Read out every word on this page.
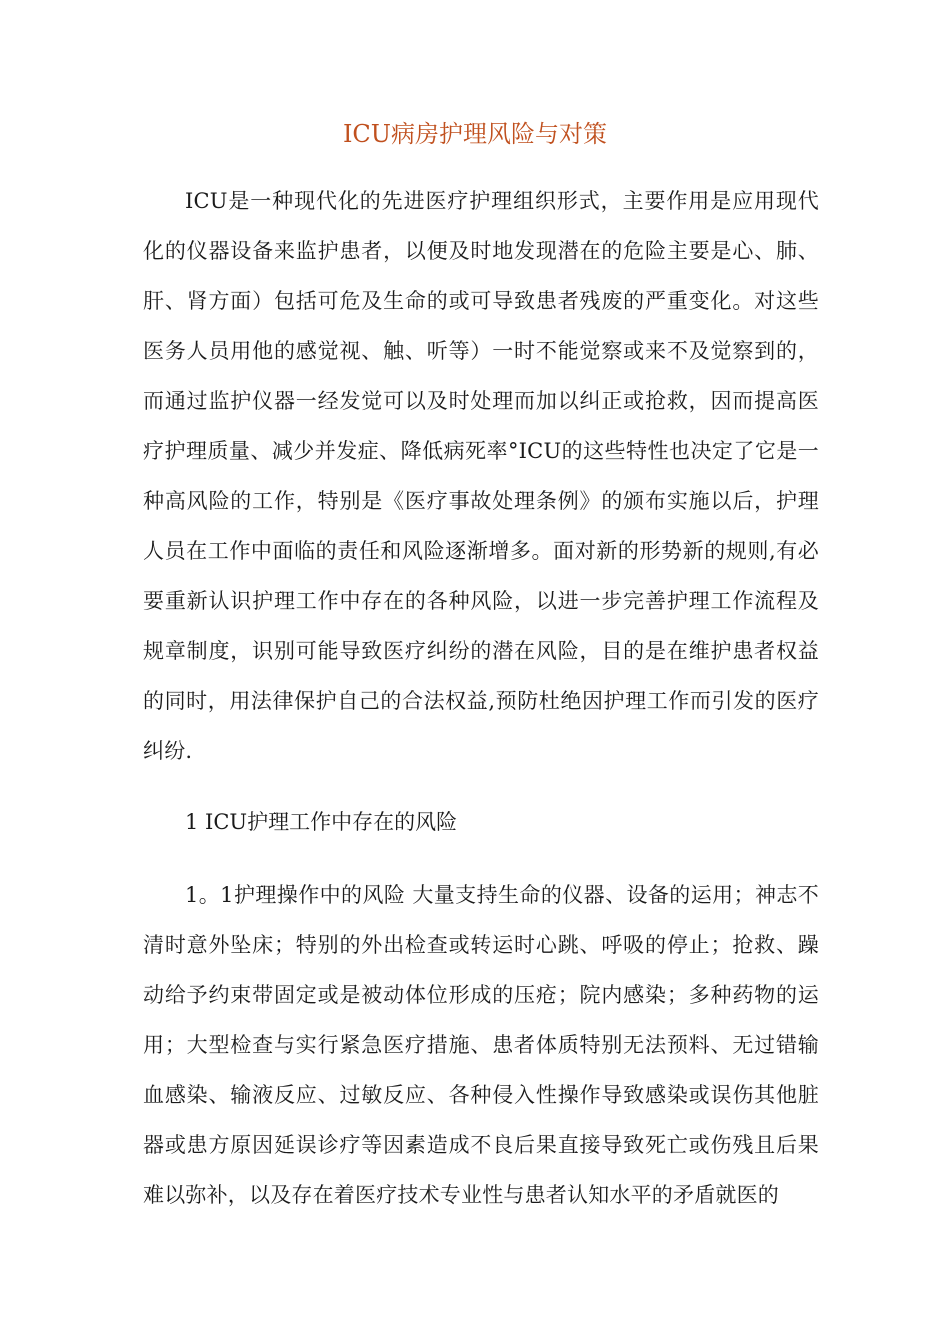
ICU病房护理风险与对策

ICU是一种现代化的先进医疗护理组织形式，主要作用是应用现代化的仪器设备来监护患者，以便及时地发现潜在的危险主要是心、肺、肝、肾方面）包括可危及生命的或可导致患者残废的严重变化。对这些医务人员用他的感觉视、触、听等）一时不能觉察或来不及觉察到的，而通过监护仪器一经发觉可以及时处理而加以纠正或抢救，因而提高医疗护理质量、减少并发症、降低病死率°ICU的这些特性也决定了它是一种高风险的工作，特别是《医疗事故处理条例》的颁布实施以后，护理人员在工作中面临的责任和风险逐渐增多。面对新的形势新的规则,有必要重新认识护理工作中存在的各种风险，以进一步完善护理工作流程及规章制度，识别可能导致医疗纠纷的潜在风险，目的是在维护患者权益的同时，用法律保护自己的合法权益,预防杜绝因护理工作而引发的医疗纠纷.

1 ICU护理工作中存在的风险

1。1护理操作中的风险 大量支持生命的仪器、设备的运用；神志不清时意外坠床；特别的外出检查或转运时心跳、呼吸的停止；抢救、躁动给予约束带固定或是被动体位形成的压疮；院内感染；多种药物的运用；大型检查与实行紧急医疗措施、患者体质特别无法预料、无过错输血感染、输液反应、过敏反应、各种侵入性操作导致感染或误伤其他脏器或患方原因延误诊疗等因素造成不良后果直接导致死亡或伤残且后果难以弥补，以及存在着医疗技术专业性与患者认知水平的矛盾就医的
